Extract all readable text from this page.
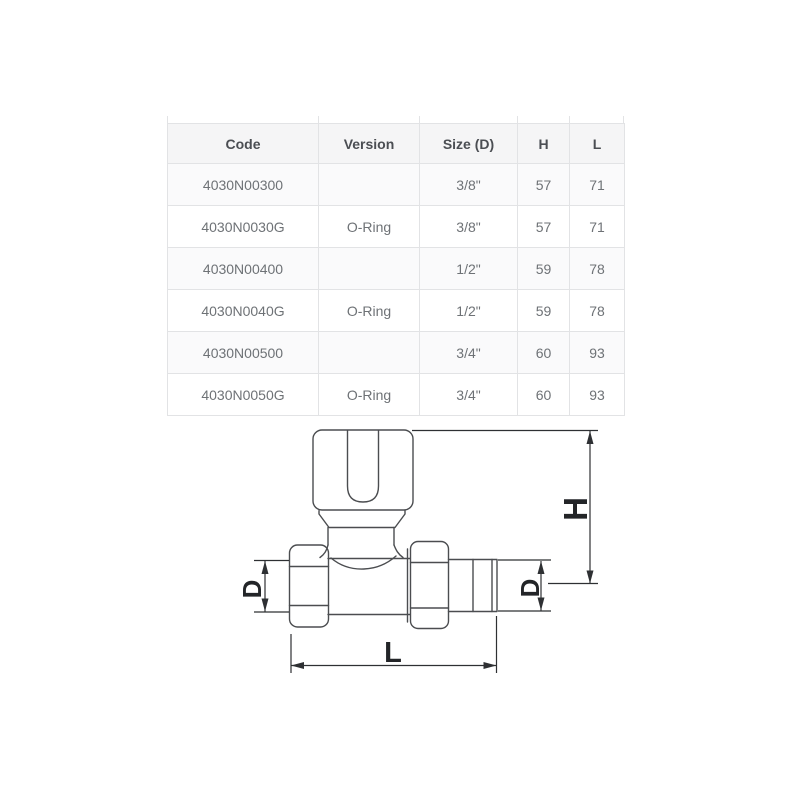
Code	Version	Size (D)	H	L
4030N00300		3/8"	57	71
4030N0030G	O-Ring	3/8"	57	71
4030N00400		1/2"	59	78
4030N0040G	O-Ring	1/2"	59	78
4030N00500		3/4"	60	93
4030N0050G	O-Ring	3/4"	60	93
D	D
H
L
